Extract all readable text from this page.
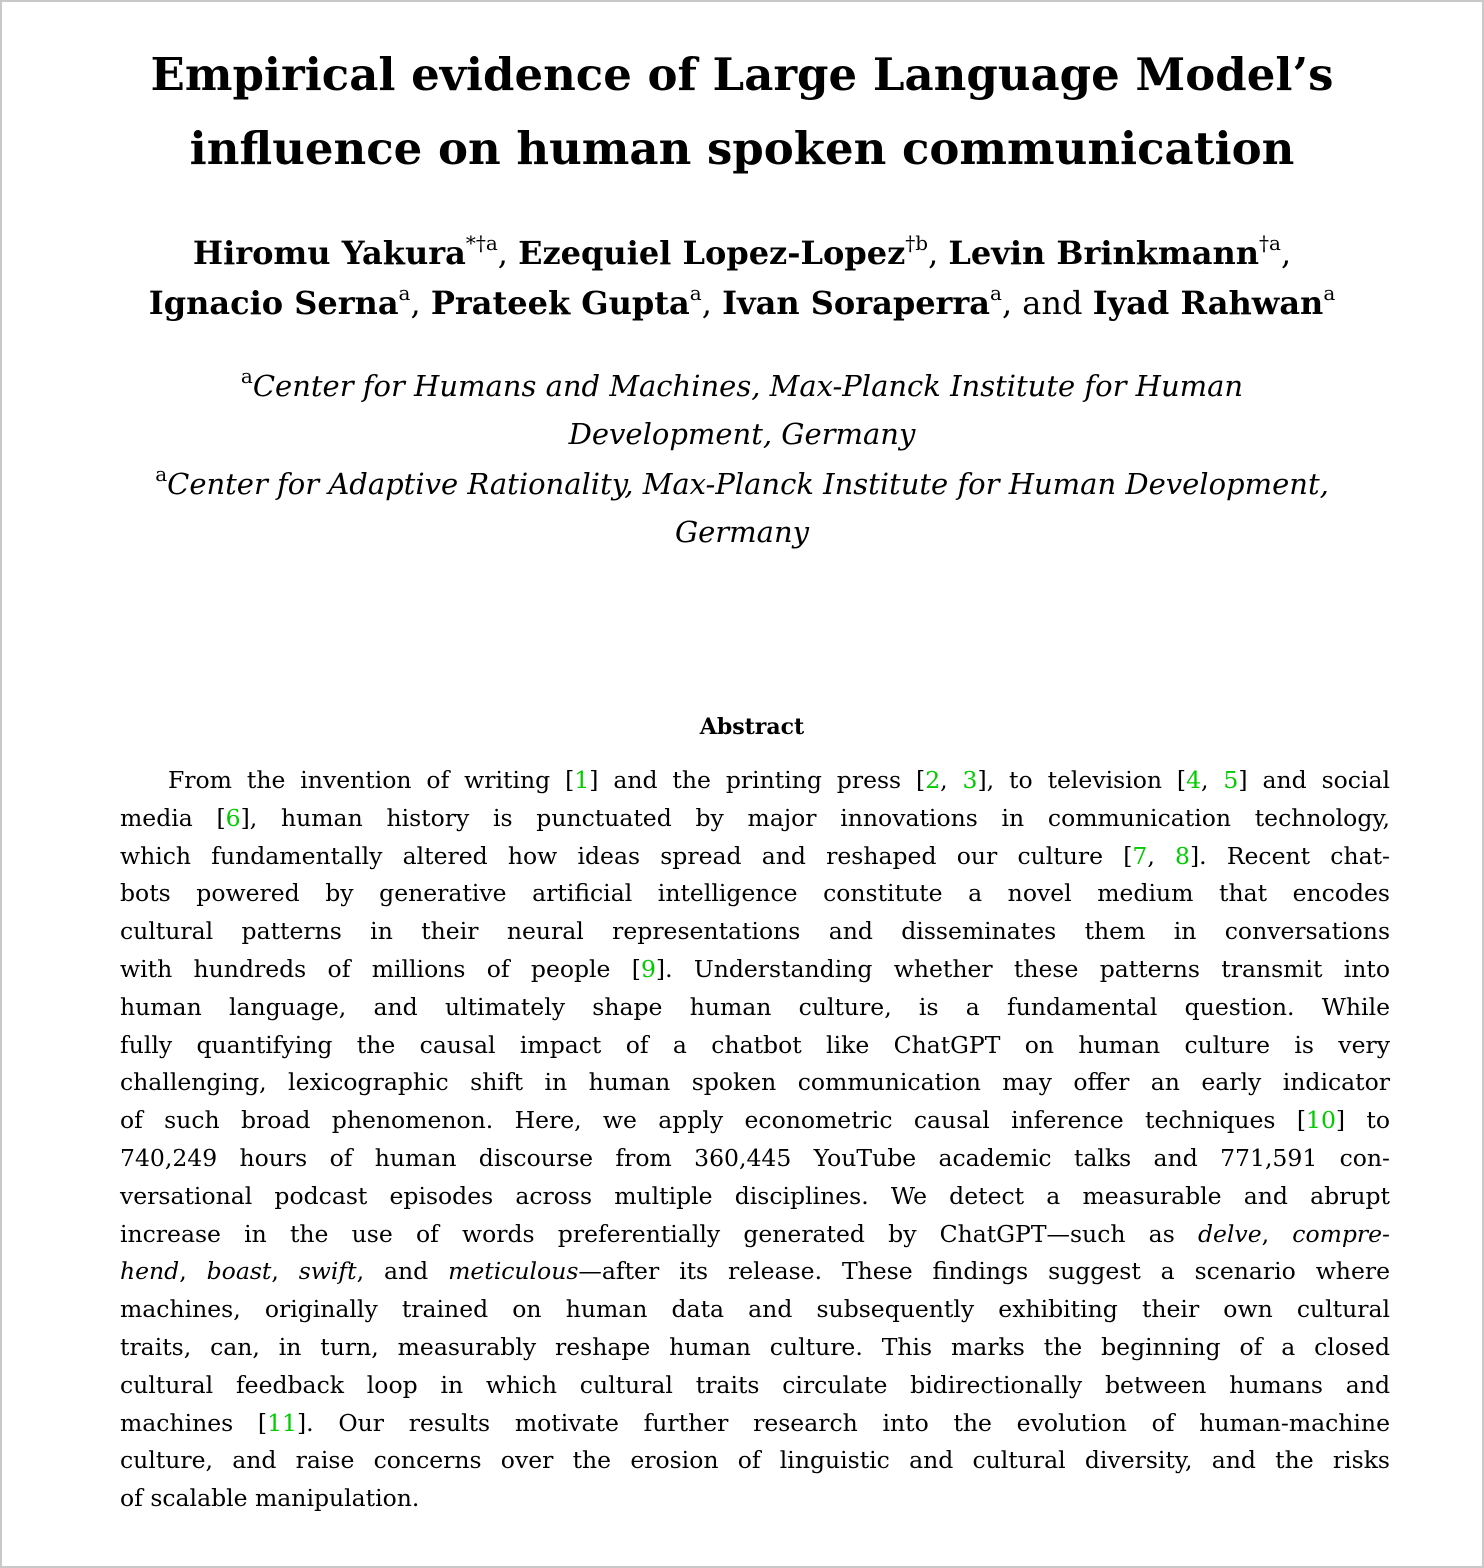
Empirical evidence of Large Language Model’s
influence on human spoken communication
Hiromu Yakura$^{*\dagger a}$, Ezequiel Lopez-Lopez$^{\dagger b}$, Levin Brinkmann$^{\dagger a}$,
Ignacio Serna$^a$, Prateek Gupta$^a$, Ivan Soraperra$^a$, and Iyad Rahwan$^a$
$^a$Center for Humans and Machines, Max-Planck Institute for Human
Development, Germany
$^a$Center for Adaptive Rationality, Max-Planck Institute for Human Development,
Germany
Abstract
From the invention of writing [1] and the printing press [2, 3], to television [4, 5] and social
media [6], human history is punctuated by major innovations in communication technology,
which fundamentally altered how ideas spread and reshaped our culture [7, 8]. Recent chat-
bots powered by generative artificial intelligence constitute a novel medium that encodes
cultural patterns in their neural representations and disseminates them in conversations
with hundreds of millions of people [9]. Understanding whether these patterns transmit into
human language, and ultimately shape human culture, is a fundamental question. While
fully quantifying the causal impact of a chatbot like ChatGPT on human culture is very
challenging, lexicographic shift in human spoken communication may offer an early indicator
of such broad phenomenon. Here, we apply econometric causal inference techniques [10] to
740,249 hours of human discourse from 360,445 YouTube academic talks and 771,591 con-
versational podcast episodes across multiple disciplines. We detect a measurable and abrupt
increase in the use of words preferentially generated by ChatGPT—such as delve, compre-
hend, boast, swift, and meticulous—after its release. These findings suggest a scenario where
machines, originally trained on human data and subsequently exhibiting their own cultural
traits, can, in turn, measurably reshape human culture. This marks the beginning of a closed
cultural feedback loop in which cultural traits circulate bidirectionally between humans and
machines [11]. Our results motivate further research into the evolution of human-machine
culture, and raise concerns over the erosion of linguistic and cultural diversity, and the risks
of scalable manipulation.
